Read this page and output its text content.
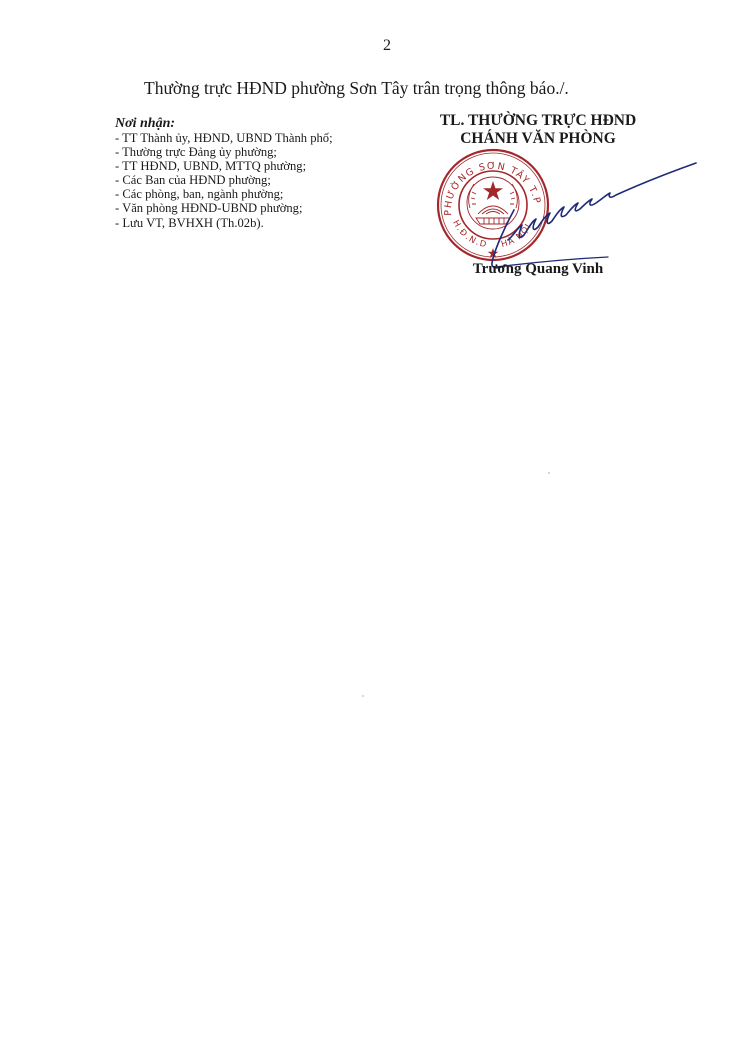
2
Thường trực HĐND phường Sơn Tây trân trọng thông báo./.
Nơi nhận:
- TT Thành ủy, HĐND, UBND Thành phố;
- Thường trực Đảng ủy phường;
- TT HĐND, UBND, MTTQ phường;
- Các Ban của HĐND phường;
- Các phòng, ban, ngành phường;
- Văn phòng HĐND-UBND phường;
- Lưu VT, BVHXH (Th.02b).
TL. THƯỜNG TRỰC HĐND
CHÁNH VĂN PHÒNG
PHƯỜNG SƠN TÂY T.P
H.Đ.N.D HÀ NỘI
Trương Quang Vinh
